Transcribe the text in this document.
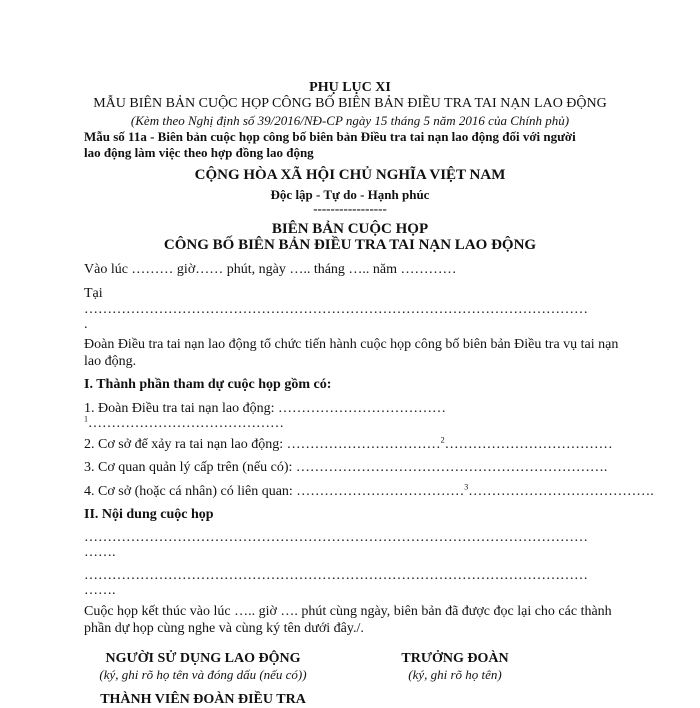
PHỤ LỤC XI
MẪU BIÊN BẢN CUỘC HỌP CÔNG BỐ BIÊN BẢN ĐIỀU TRA TAI NẠN LAO ĐỘNG
(Kèm theo Nghị định số 39/2016/NĐ-CP ngày 15 tháng 5 năm 2016 của Chính phủ)
Mẫu số 11a - Biên bản cuộc họp công bố biên bản Điều tra tai nạn lao động đối với người
lao động làm việc theo hợp đồng lao động
CỘNG HÒA XÃ HỘI CHỦ NGHĨA VIỆT NAM
Độc lập - Tự do - Hạnh phúc
-----------------
BIÊN BẢN CUỘC HỌP
CÔNG BỐ BIÊN BẢN ĐIỀU TRA TAI NẠN LAO ĐỘNG
Vào lúc ……… giờ…… phút, ngày ….. tháng ….. năm …………
Tại
………………………………………………………………………………………………
.
Đoàn Điều tra tai nạn lao động tổ chức tiến hành cuộc họp công bố biên bản Điều tra vụ tai nạn
lao động.
I. Thành phần tham dự cuộc họp gồm có:
1. Đoàn Điều tra tai nạn lao động: ………………………………
$^1$……………………………………
2. Cơ sở để xảy ra tai nạn lao động: ……………………………$^2$………………………………
3. Cơ quan quản lý cấp trên (nếu có): ………………………………………………………….
4. Cơ sở (hoặc cá nhân) có liên quan: ………………………………$^3$………………………………….
II. Nội dung cuộc họp
………………………………………………………………………………………………
…….
………………………………………………………………………………………………
…….
Cuộc họp kết thúc vào lúc ….. giờ …. phút cùng ngày, biên bản đã được đọc lại cho các thành
phần dự họp cùng nghe và cùng ký tên dưới đây./.
NGƯỜI SỬ DỤNG LAO ĐỘNG
(ký, ghi rõ họ tên và đóng dấu (nếu có))
TRƯỞNG ĐOÀN
(ký, ghi rõ họ tên)
THÀNH VIÊN ĐOÀN ĐIỀU TRA
